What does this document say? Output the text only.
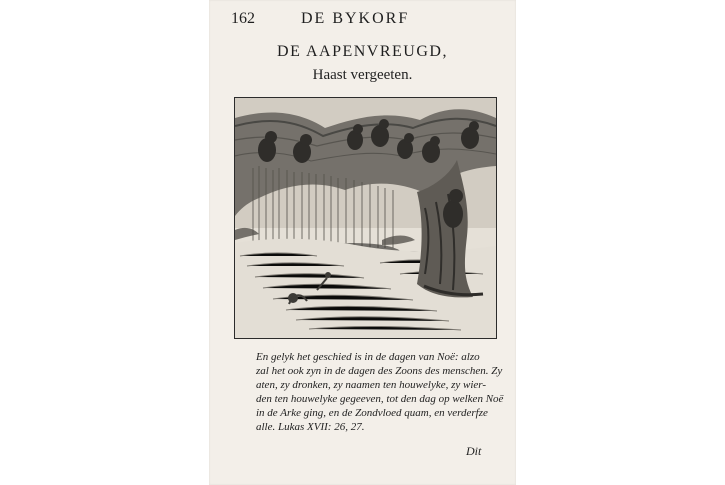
162	DE BYKORF
DE AAPENVREUGD,
Haast vergeeten.
En gelyk het geschied is in de dagen van Noë: alzo
zal het ook zyn in de dagen des Zoons des menschen. Zy
aten, zy dronken, zy naamen ten houwelyke, zy wier-
den ten houwelyke gegeeven, tot den dag op welken Noë
in de Arke ging, en de Zondvloed quam, en verderfze
alle. Lukas XVII: 26, 27.
Dit
